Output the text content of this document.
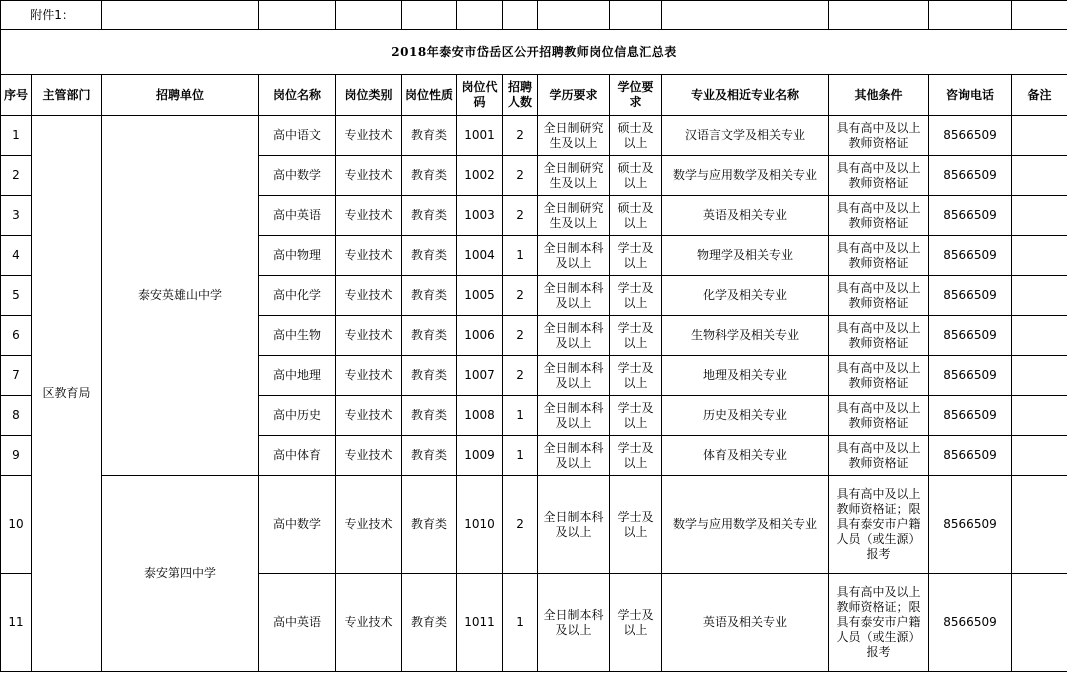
附件1：													
2018年泰安市岱岳区公开招聘教师岗位信息汇总表													
序号	主管部门	招聘单位	岗位名称	岗位类别	岗位性质	岗位代码	招聘人数	学历要求	学位要求	专业及相近专业名称	其他条件	咨询电话	备注
1	区教育局	泰安英雄山中学	高中语文	专业技术	教育类	1001	2	全日制研究生及以上	硕士及以上	汉语言文学及相关专业	具有高中及以上教师资格证	8566509	
2			高中数学	专业技术	教育类	1002	2	全日制研究生及以上	硕士及以上	数学与应用数学及相关专业	具有高中及以上教师资格证	8566509	
3			高中英语	专业技术	教育类	1003	2	全日制研究生及以上	硕士及以上	英语及相关专业	具有高中及以上教师资格证	8566509	
4			高中物理	专业技术	教育类	1004	1	全日制本科及以上	学士及以上	物理学及相关专业	具有高中及以上教师资格证	8566509	
5			高中化学	专业技术	教育类	1005	2	全日制本科及以上	学士及以上	化学及相关专业	具有高中及以上教师资格证	8566509	
6			高中生物	专业技术	教育类	1006	2	全日制本科及以上	学士及以上	生物科学及相关专业	具有高中及以上教师资格证	8566509	
7			高中地理	专业技术	教育类	1007	2	全日制本科及以上	学士及以上	地理及相关专业	具有高中及以上教师资格证	8566509	
8			高中历史	专业技术	教育类	1008	1	全日制本科及以上	学士及以上	历史及相关专业	具有高中及以上教师资格证	8566509	
9			高中体育	专业技术	教育类	1009	1	全日制本科及以上	学士及以上	体育及相关专业	具有高中及以上教师资格证	8566509	
10		泰安第四中学	高中数学	专业技术	教育类	1010	2	全日制本科及以上	学士及以上	数学与应用数学及相关专业	具有高中及以上教师资格证；限具有泰安市户籍人员（或生源）报考	8566509	
11			高中英语	专业技术	教育类	1011	1	全日制本科及以上	学士及以上	英语及相关专业	具有高中及以上教师资格证；限具有泰安市户籍人员（或生源）报考	8566509	
